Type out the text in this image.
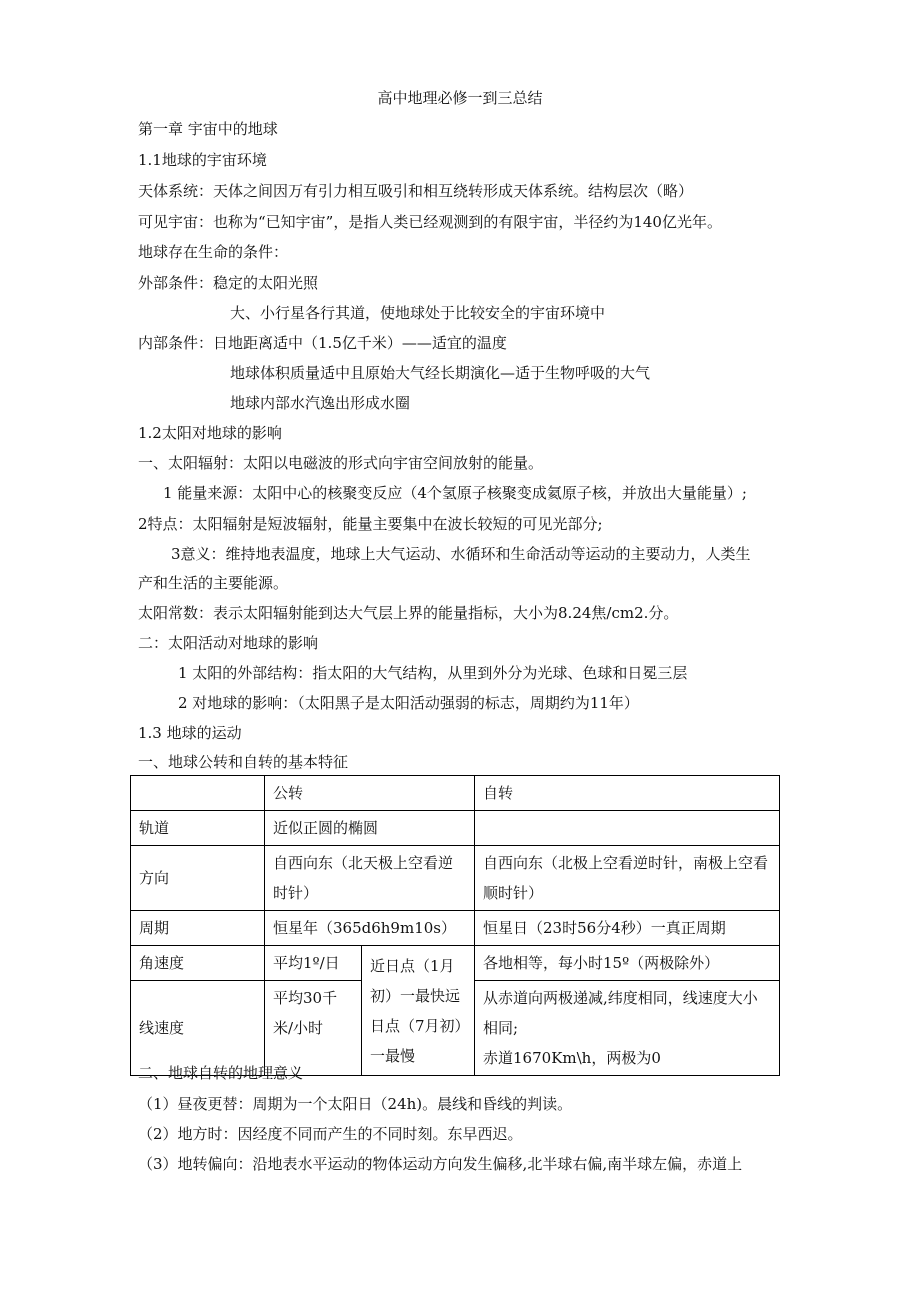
高中地理必修一到三总结
第一章 宇宙中的地球
1.1地球的宇宙环境
天体系统：天体之间因万有引力相互吸引和相互绕转形成天体系统。结构层次（略）
可见宇宙：也称为“已知宇宙”，是指人类已经观测到的有限宇宙，半径约为140亿光年。
地球存在生命的条件：
外部条件：稳定的太阳光照
大、小行星各行其道，使地球处于比较安全的宇宙环境中
内部条件：日地距离适中（1.5亿千米）——适宜的温度
地球体积质量适中且原始大气经长期演化—适于生物呼吸的大气
地球内部水汽逸出形成水圈
1.2太阳对地球的影响
一、太阳辐射：太阳以电磁波的形式向宇宙空间放射的能量。
1 能量来源：太阳中心的核聚变反应（4个氢原子核聚变成氦原子核，并放出大量能量）;
2特点：太阳辐射是短波辐射，能量主要集中在波长较短的可见光部分;
3意义：维持地表温度，地球上大气运动、水循环和生命活动等运动的主要动力，人类生
产和生活的主要能源。
太阳常数：表示太阳辐射能到达大气层上界的能量指标，大小为8.24焦/cm2.分。
二：太阳活动对地球的影响
1 太阳的外部结构：指太阳的大气结构，从里到外分为光球、色球和日冕三层
2 对地球的影响：（太阳黑子是太阳活动强弱的标志，周期约为11年）
1.3 地球的运动
一、地球公转和自转的基本特征
	公转		自转
轨道	近似正圆的椭圆		
方向	自西向东（北天极上空看逆时针）		自西向东（北极上空看逆时针，南极上空看顺时针）
周期	恒星年（365d6h9m10s）		恒星日（23时56分4秒）一真正周期
角速度	平均1º/日	近日点（1月初）一最快远日点（7月初）一最慢	各地相等，每小时15º（两极除外）
线速度	平均30千米/小时		从赤道向两极递减,纬度相同，线速度大小相同;
赤道1670Km\h，两极为0
二、地球自转的地理意义
（1）昼夜更替：周期为一个太阳日（24h)。晨线和昏线的判读。
（2）地方时：因经度不同而产生的不同时刻。东早西迟。
（3）地转偏向：沿地表水平运动的物体运动方向发生偏移,北半球右偏,南半球左偏，赤道上
